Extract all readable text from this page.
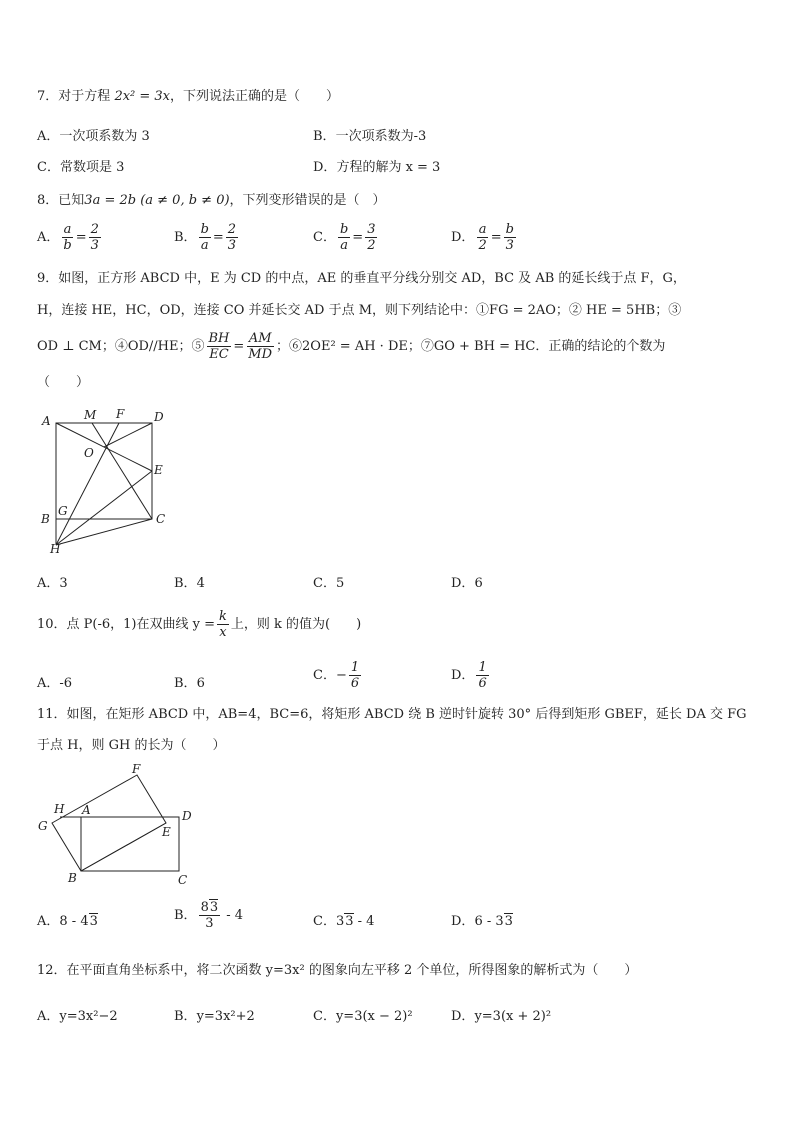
7．对于方程 2x² = 3x，下列说法正确的是（　　）
A．一次项系数为 3	B．一次项系数为-3
C．常数项是 3	D．方程的解为 x = 3
8．已知3a = 2b (a ≠ 0, b ≠ 0)，下列变形错误的是（　）
A． $\frac{a}{b} = \frac{2}{3}$	B． $\frac{b}{a} = \frac{2}{3}$	C． $\frac{b}{a} = \frac{3}{2}$	D． $\frac{a}{2} = \frac{b}{3}$
9．如图，正方形 ABCD 中，E 为 CD 的中点，AE 的垂直平分线分别交 AD，BC 及 AB 的延长线于点 F，G，
H，连接 HE，HC，OD，连接 CO 并延长交 AD 于点 M，则下列结论中：①FG = 2AO；② HE = 5HB；③
OD ⊥ CM；④OD//HE；⑤ $\frac{BH}{EC} = \frac{AM}{MD}$ ；⑥2OE² = AH · DE；⑦GO + BH = HC．正确的结论的个数为
（　　）
A	M F D
O
E
G
B	C
H
A．3	B．4	C．5	D．6
10．点 P(-6，1)在双曲线 $y = \frac{k}{x}$ 上，则 k 的值为(　　)
A．-6	B．6
C．− $\frac{1}{6}$	D． $\frac{1}{6}$
11．如图，在矩形 ABCD 中，AB=4，BC=6，将矩形 ABCD 绕 B 逆时针旋转 30° 后得到矩形 GBEF，延长 DA 交 FG
于点 H，则 GH 的长为（　　）
F
H A	D
G	E
B	C
A．8 - 43	B． $\frac{83}{3} - 4$	C．33 - 4	D．6 - 33
12．在平面直角坐标系中，将二次函数 y=3x² 的图象向左平移 2 个单位，所得图象的解析式为（　　）
A．y=3x²−2	B．y=3x²+2	C．y=3(x − 2)²	D．y=3(x + 2)²
